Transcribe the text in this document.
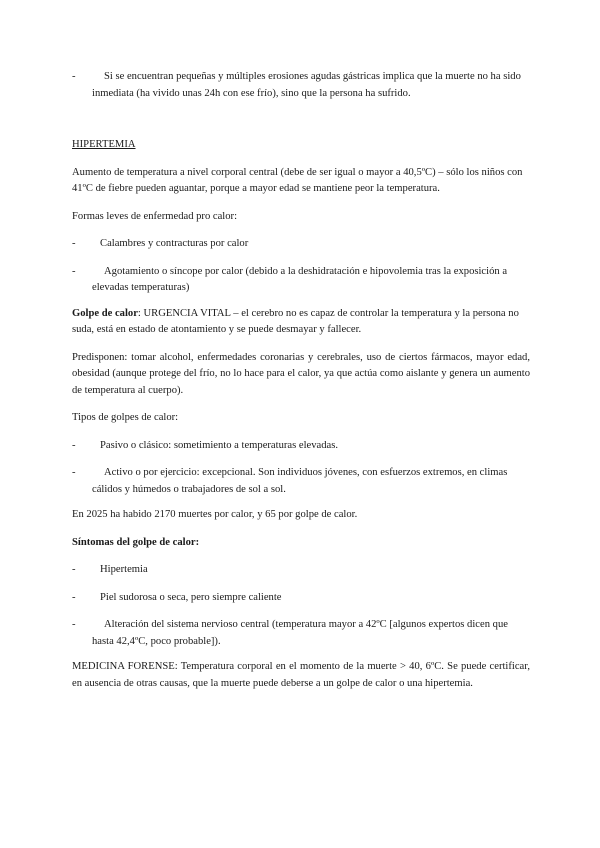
-	Si se encuentran pequeñas y múltiples erosiones agudas gástricas implica que la muerte no ha sido inmediata (ha vivido unas 24h con ese frío), sino que la persona ha sufrido.

HIPERTEMIA

Aumento de temperatura a nivel corporal central (debe de ser igual o mayor a 40,5ºC) – sólo los niños con 41ºC de fiebre pueden aguantar, porque a mayor edad se mantiene peor la temperatura.

Formas leves de enfermedad pro calor:

-	Calambres y contracturas por calor
-	Agotamiento o síncope por calor (debido a la deshidratación e hipovolemia tras la exposición a elevadas temperaturas)

Golpe de calor: URGENCIA VITAL – el cerebro no es capaz de controlar la temperatura y la persona no suda, está en estado de atontamiento y se puede desmayar y fallecer.

Predisponen: tomar alcohol, enfermedades coronarias y cerebrales, uso de ciertos fármacos, mayor edad, obesidad (aunque protege del frío, no lo hace para el calor, ya que actúa como aislante y genera un aumento de temperatura al cuerpo).

Tipos de golpes de calor:

-	Pasivo o clásico: sometimiento a temperaturas elevadas.
-	Activo o por ejercicio: excepcional. Son individuos jóvenes, con esfuerzos extremos, en climas cálidos y húmedos o trabajadores de sol a sol.

En 2025 ha habido 2170 muertes por calor, y 65 por golpe de calor.

Síntomas del golpe de calor:

-	Hipertemia
-	Piel sudorosa o seca, pero siempre caliente
-	Alteración del sistema nervioso central (temperatura mayor a 42ºC [algunos expertos dicen que hasta 42,4ºC, poco probable]).

MEDICINA FORENSE: Temperatura corporal en el momento de la muerte > 40, 6ºC. Se puede certificar, en ausencia de otras causas, que la muerte puede deberse a un golpe de calor o una hipertemia.
